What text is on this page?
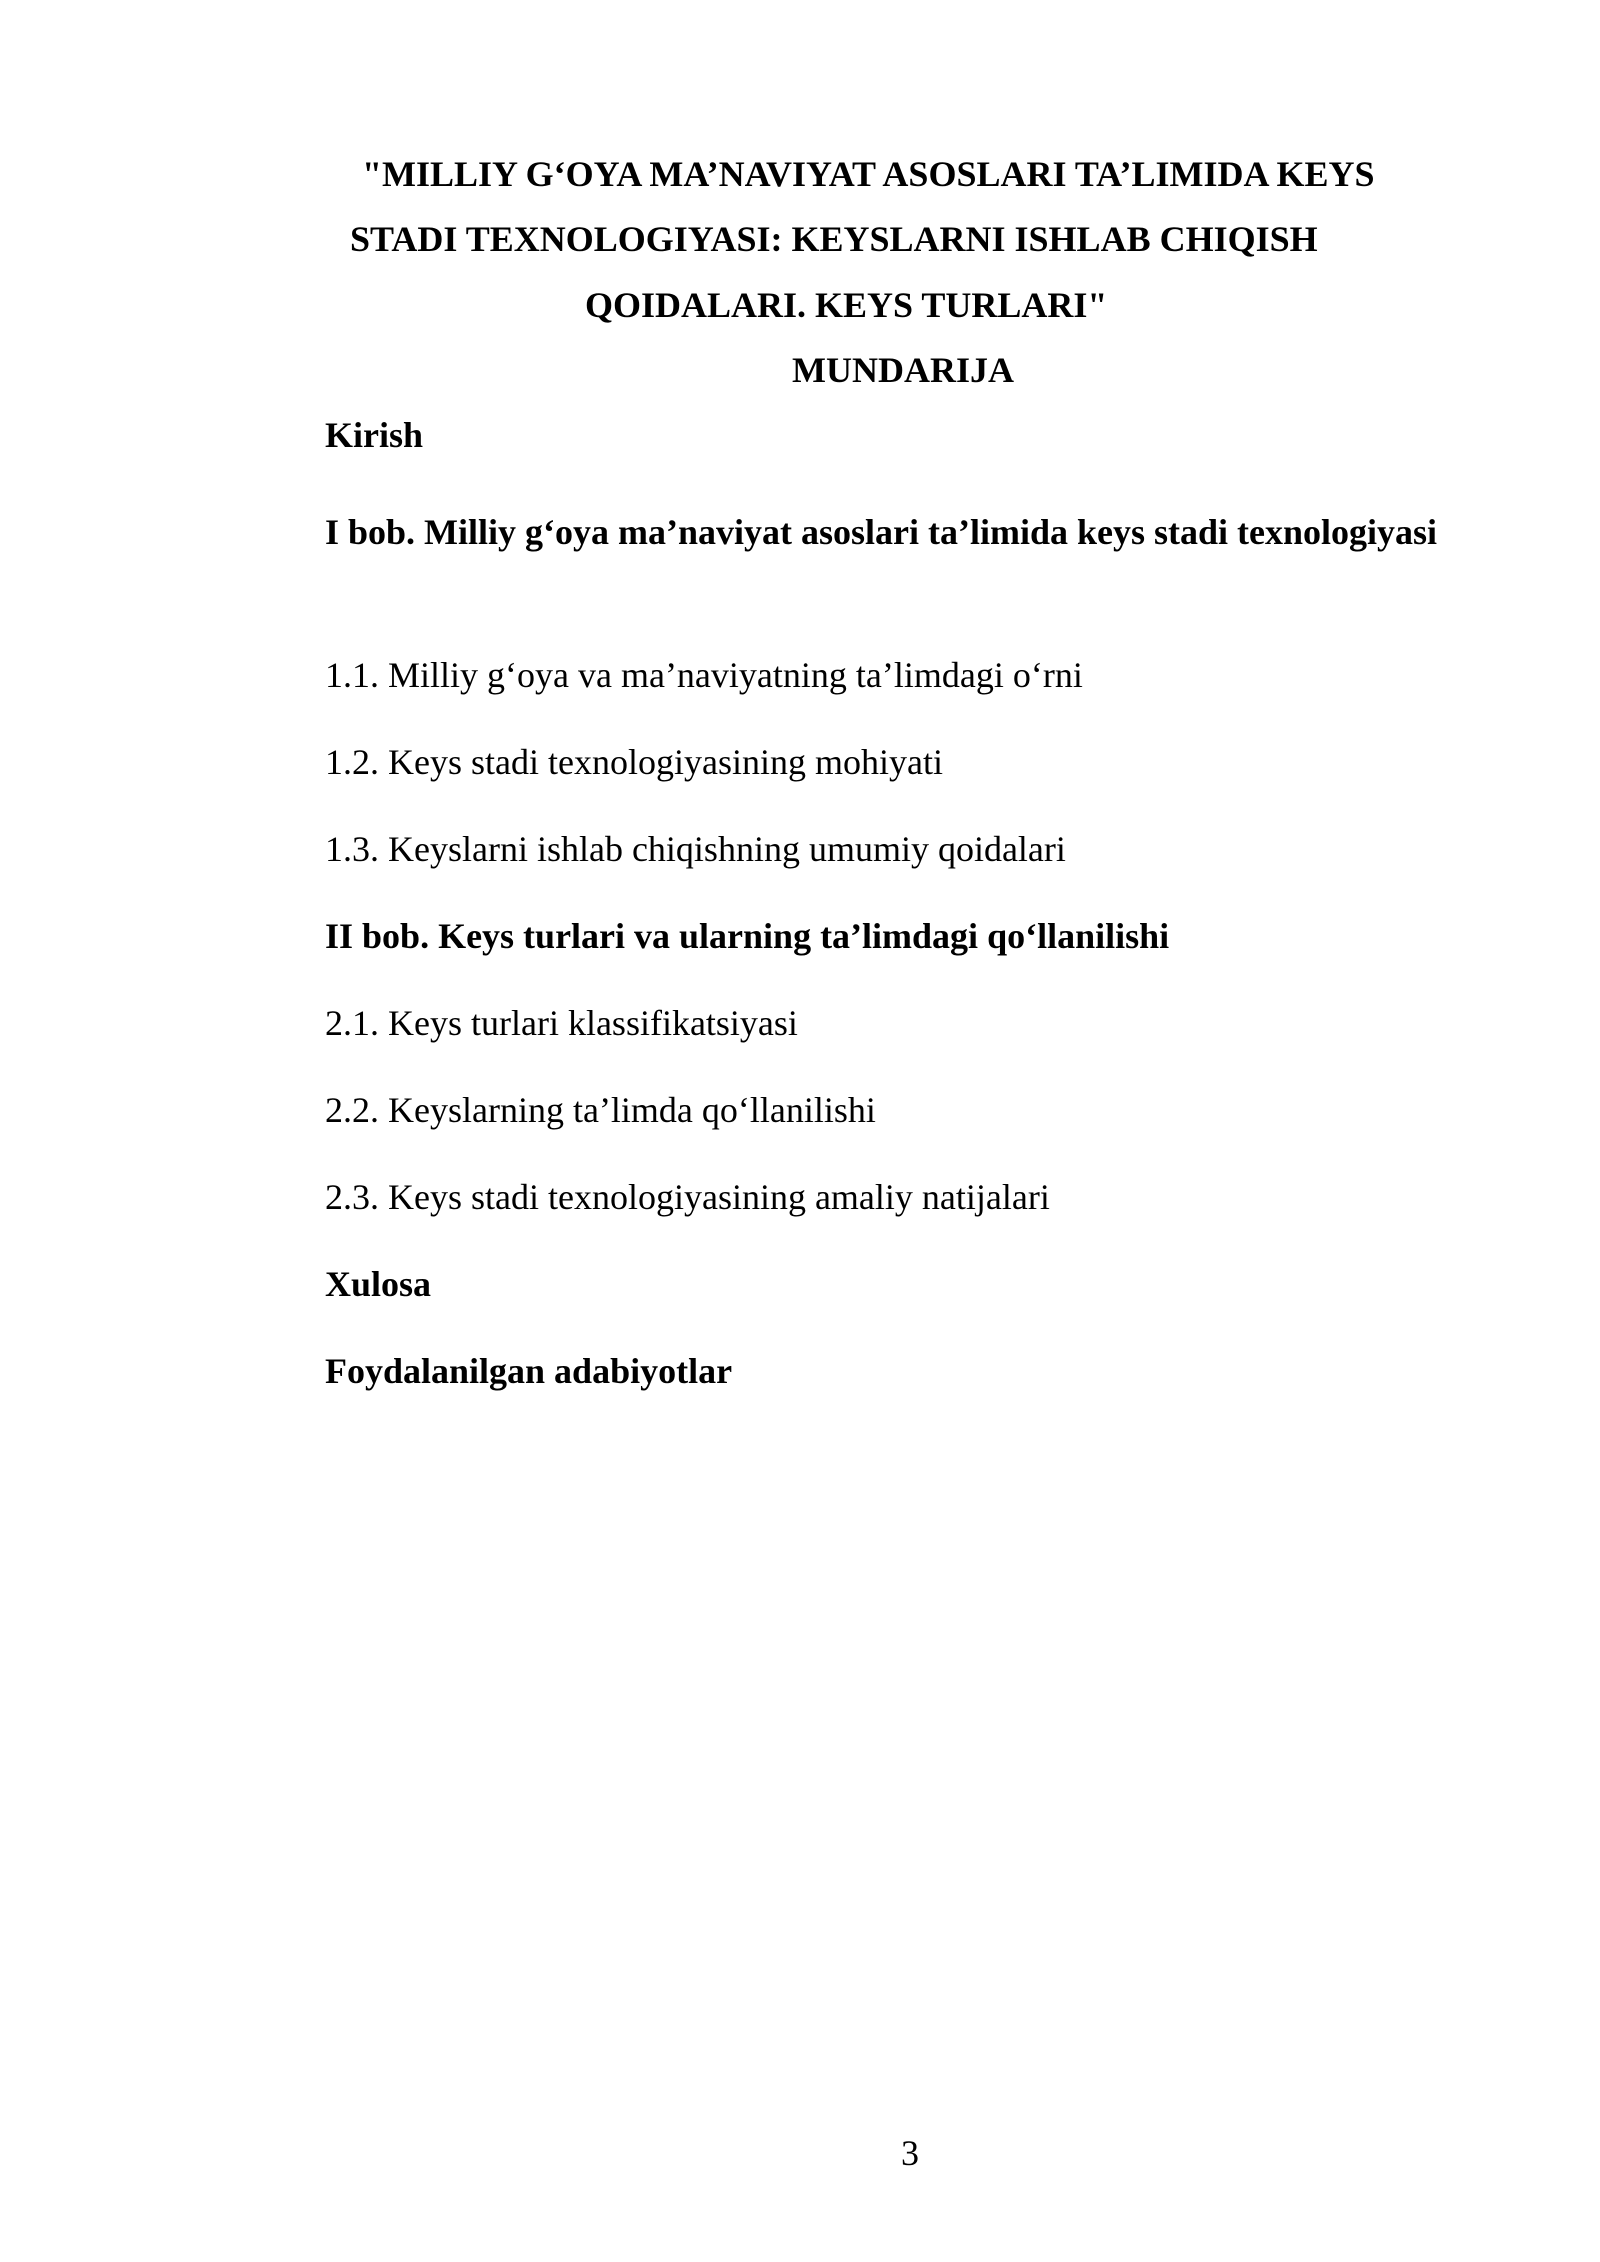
"MILLIY G‘OYA MA’NAVIYAT ASOSLARI TA’LIMIDA KEYS
STADI TEXNOLOGIYASI: KEYSLARNI ISHLAB CHIQISH
QOIDALARI. KEYS TURLARI"
MUNDARIJA
Kirish
I bob. Milliy g‘oya ma’naviyat asoslari ta’limida keys stadi texnologiyasi
1.1. Milliy g‘oya va ma’naviyatning ta’limdagi o‘rni
1.2. Keys stadi texnologiyasining mohiyati
1.3. Keyslarni ishlab chiqishning umumiy qoidalari
II bob. Keys turlari va ularning ta’limdagi qo‘llanilishi
2.1. Keys turlari klassifikatsiyasi
2.2. Keyslarning ta’limda qo‘llanilishi
2.3. Keys stadi texnologiyasining amaliy natijalari
Xulosa
Foydalanilgan adabiyotlar
3
